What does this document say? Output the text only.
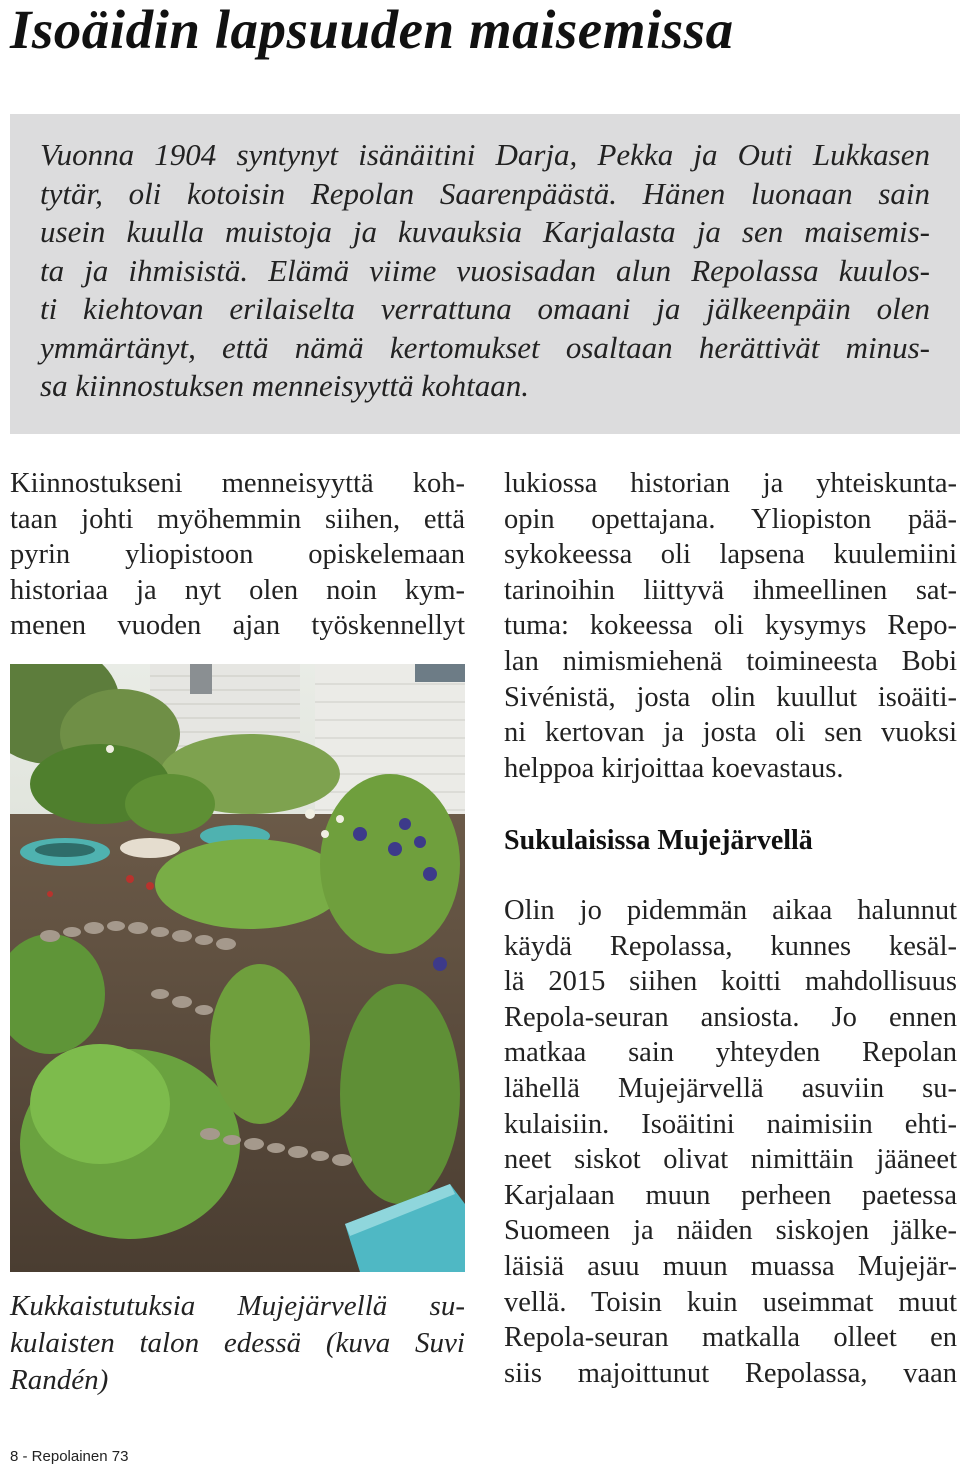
Isoäidin lapsuuden maisemissa

Vuonna 1904 syntynyt isänäitini Darja, Pekka ja Outi Lukkasen
tytär, oli kotoisin Repolan Saarenpäästä. Hänen luonaan sain
usein kuulla muistoja ja kuvauksia Karjalasta ja sen maisemis-
ta ja ihmisistä. Elämä viime vuosisadan alun Repolassa kuulos-
ti kiehtovan erilaiselta verrattuna omaani ja jälkeenpäin olen
ymmärtänyt, että nämä kertomukset osaltaan herättivät minus-
sa kiinnostuksen menneisyyttä kohtaan.

Kiinnostukseni menneisyyttä koh-
taan johti myöhemmin siihen, että
pyrin yliopistoon opiskelemaan
historiaa ja nyt olen noin kym-
menen vuoden ajan työskennellyt

Kukkaistutuksia Mujejärvellä su-
kulaisten talon edessä (kuva Suvi
Randén)

lukiossa historian ja yhteiskunta-
opin opettajana. Yliopiston pää-
sykokeessa oli lapsena kuulemiini
tarinoihin liittyvä ihmeellinen sat-
tuma: kokeessa oli kysymys Repo-
lan nimismiehenä toimineesta Bobi
Sivénistä, josta olin kuullut isoäiti-
ni kertovan ja josta oli sen vuoksi
helppoa kirjoittaa koevastaus.

Sukulaisissa Mujejärvellä

Olin jo pidemmän aikaa halunnut
käydä Repolassa, kunnes kesäl-
lä 2015 siihen koitti mahdollisuus
Repola-seuran ansiosta. Jo ennen
matkaa sain yhteyden Repolan
lähellä Mujejärvellä asuviin su-
kulaisiin. Isoäitini naimisiin ehti-
neet siskot olivat nimittäin jääneet
Karjalaan muun perheen paetessa
Suomeen ja näiden siskojen jälke-
läisiä asuu muun muassa Mujejär-
vellä. Toisin kuin useimmat muut
Repola-seuran matkalla olleet en
siis majoittunut Repolassa, vaan

8 - Repolainen 73
